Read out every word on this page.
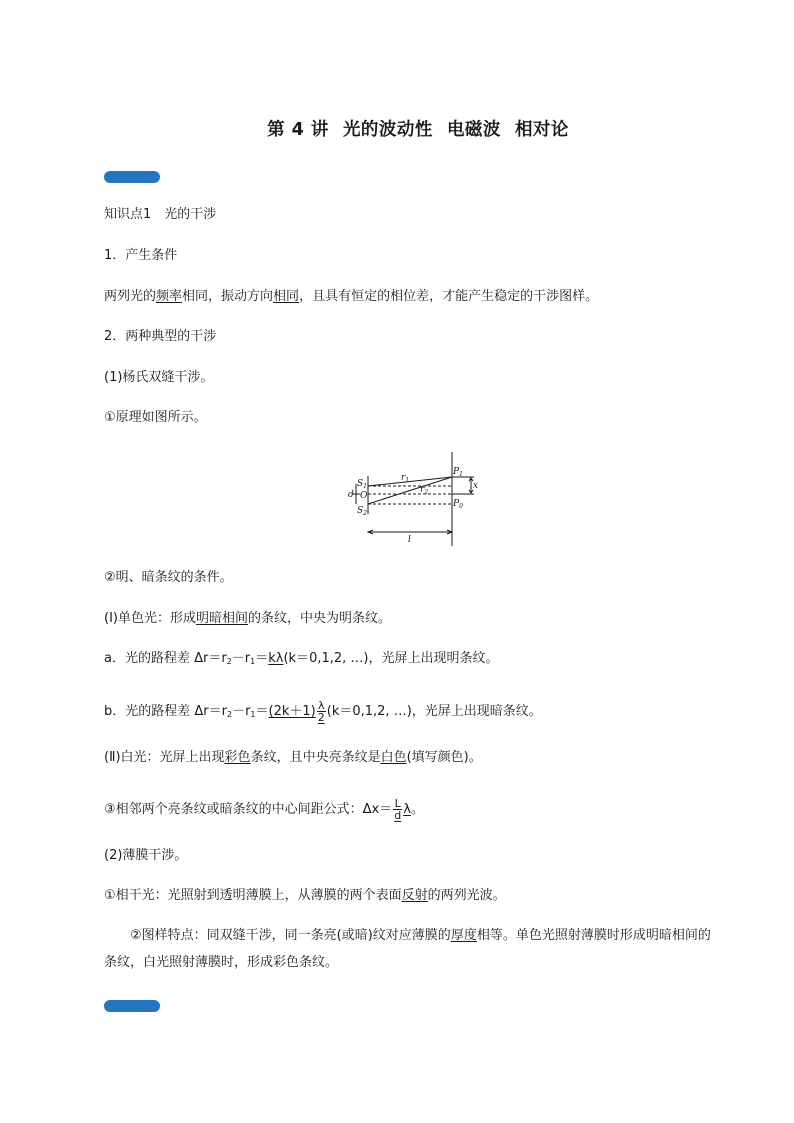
第 4 讲 光的波动性 电磁波 相对论
知识点1　光的干涉
1．产生条件
两列光的频率相同，振动方向相同，且具有恒定的相位差，才能产生稳定的干涉图样。
2．两种典型的干涉
(1)杨氏双缝干涉。
①原理如图所示。
$S_1$
d O
$S_2$
$r_1$
$r_2$
$P_1$
$P_0$
x
l
②明、暗条纹的条件。
(Ⅰ)单色光：形成明暗相间的条纹，中央为明条纹。
a．光的路程差 $\Delta r=r_2-r_1=k\lambda(k=0,1,2$, …)，光屏上出现明条纹。
b．光的路程差 $\Delta r=r_2-r_1=(2k+1) \frac{\lambda}{2} (k=0,1,2$, …)，光屏上出现暗条纹。
(Ⅱ)白光：光屏上出现彩色条纹，且中央亮条纹是白色(填写颜色)。
③相邻两个亮条纹或暗条纹的中心间距公式：$\Delta x= \frac{L}{d}$ λ。
(2)薄膜干涉。
①相干光：光照射到透明薄膜上，从薄膜的两个表面反射的两列光波。
②图样特点：同双缝干涉，同一条亮(或暗)纹对应薄膜的厚度相等。单色光照射薄膜时形成明暗相间的条纹，白光照射薄膜时，形成彩色条纹。
